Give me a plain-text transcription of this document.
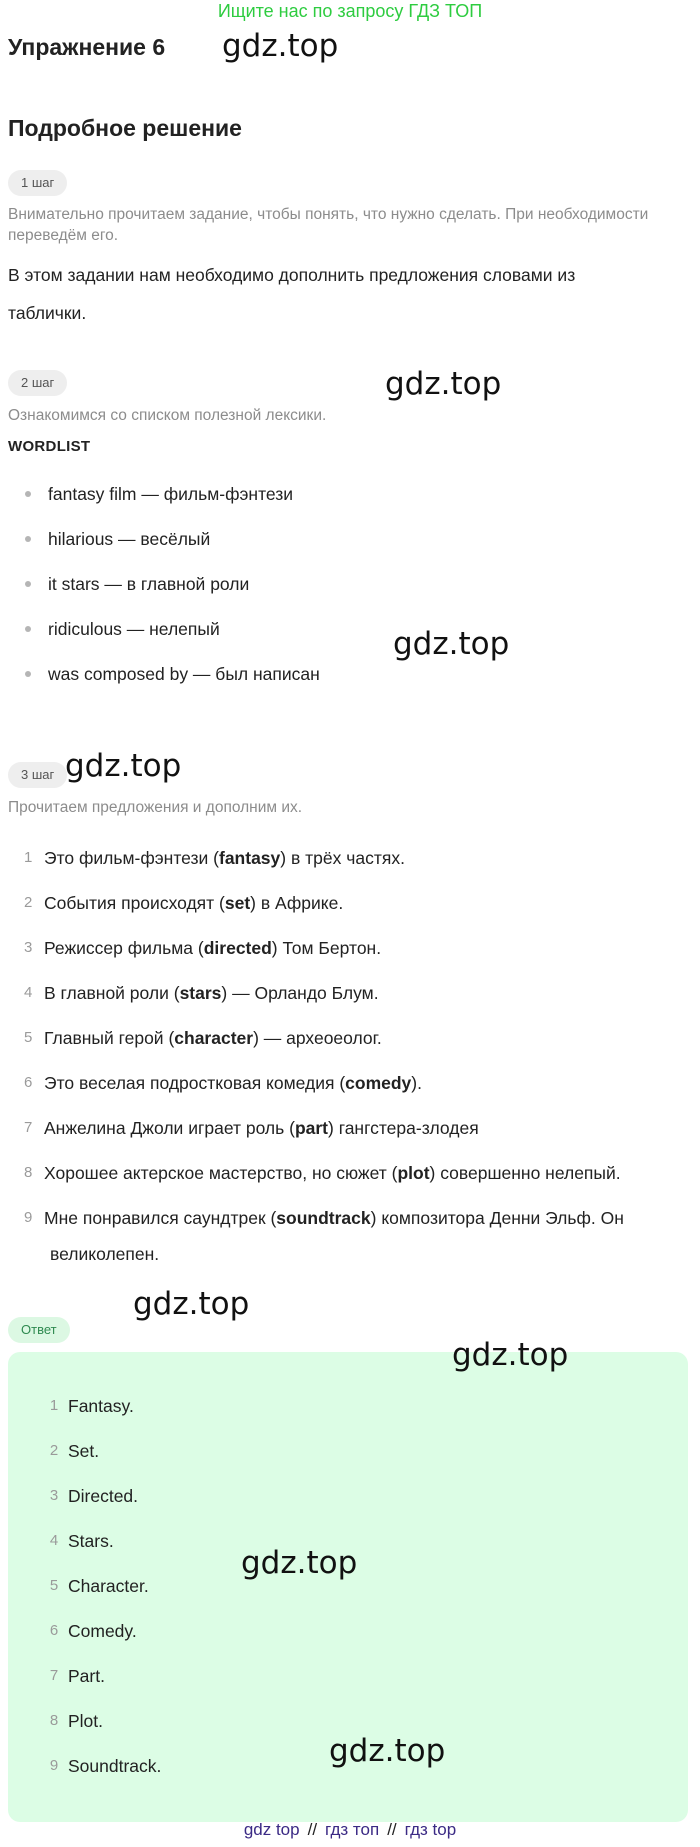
Ищите нас по запросу ГДЗ ТОП
Упражнение 6
Подробное решение
1 шаг
Внимательно прочитаем задание, чтобы понять, что нужно сделать. При необходимости переведём его.
В этом задании нам необходимо дополнить предложения словами из таблички.
2 шаг
Ознакомимся со списком полезной лексики.
WORDLIST
fantasy film — фильм-фэнтези
hilarious — весёлый
it stars — в главной роли
ridiculous — нелепый
was composed by — был написан
3 шаг
Прочитаем предложения и дополним их.
1 Это фильм-фэнтези (fantasy) в трёх частях.
2 События происходят (set) в Африке.
3 Режиссер фильма (directed) Том Бертон.
4 В главной роли (stars) — Орландо Блум.
5 Главный герой (character) — археоеолог.
6 Это веселая подростковая комедия (comedy).
7 Анжелина Джоли играет роль (part) гангстера-злодея
8 Хорошее актерское мастерство, но сюжет (plot) совершенно нелепый.
9 Мне понравился саундтрек (soundtrack) композитора Денни Эльф. Он
великолепен.
Ответ
1 Fantasy.
2 Set.
3 Directed.
4 Stars.
5 Character.
6 Comedy.
7 Part.
8 Plot.
9 Soundtrack.
gdz.top
gdz.top
gdz.top
gdz.top
gdz.top
gdz.top
gdz.top
gdz.top
gdz top // гдз топ // гдз top
